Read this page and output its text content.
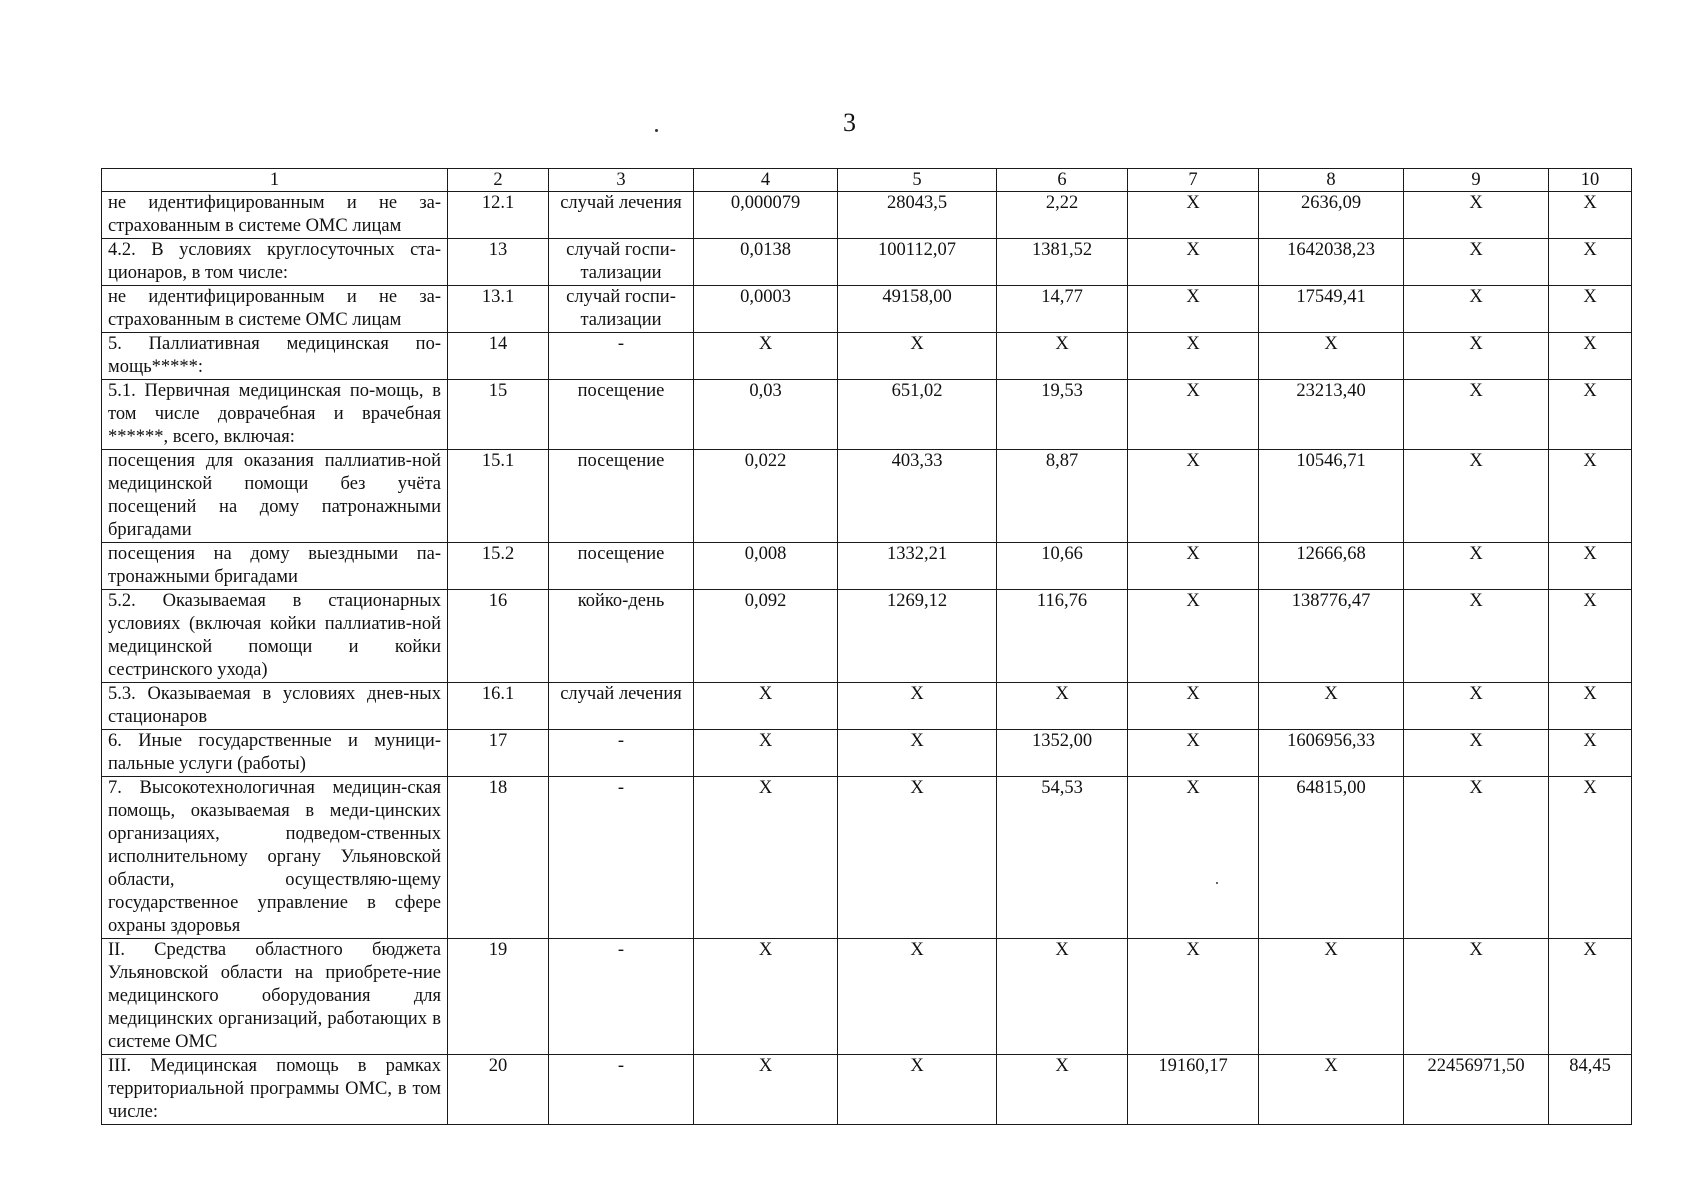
3
1	2	3	4	5	6	7	8	9	10
не идентифицированным и не за-страхованным в системе ОМС лицам	12.1	случай лечения	0,000079	28043,5	2,22	Х	2636,09	Х	Х
4.2. В условиях круглосуточных ста-ционаров, в том числе:	13	случай госпи-тализации	0,0138	100112,07	1381,52	Х	1642038,23	Х	Х
не идентифицированным и не за-страхованным в системе ОМС лицам	13.1	случай госпи-тализации	0,0003	49158,00	14,77	Х	17549,41	Х	Х
5. Паллиативная медицинская по-мощь*****:	14	-	Х	Х	Х	Х	Х	Х	Х
5.1. Первичная медицинская по-мощь, в том числе доврачебная и врачебная ******, всего, включая:	15	посещение	0,03	651,02	19,53	Х	23213,40	Х	Х
посещения для оказания паллиатив-ной медицинской помощи без учёта посещений на дому патронажными бригадами	15.1	посещение	0,022	403,33	8,87	Х	10546,71	Х	Х
посещения на дому выездными па-тронажными бригадами	15.2	посещение	0,008	1332,21	10,66	Х	12666,68	Х	Х
5.2. Оказываемая в стационарных условиях (включая койки паллиатив-ной медицинской помощи и койки сестринского ухода)	16	койко-день	0,092	1269,12	116,76	Х	138776,47	Х	Х
5.3. Оказываемая в условиях днев-ных стационаров	16.1	случай лечения	Х	Х	Х	Х	Х	Х	Х
6. Иные государственные и муници-пальные услуги (работы)	17	-	Х	Х	1352,00	Х	1606956,33	Х	Х
7. Высокотехнологичная медицин-ская помощь, оказываемая в меди-цинских организациях, подведом-ственных исполнительному органу Ульяновской области, осуществляю-щему государственное управление в сфере охраны здоровья	18	-	Х	Х	54,53	Х	64815,00	Х	Х
II. Средства областного бюджета Ульяновской области на приобрете-ние медицинского оборудования для медицинских организаций, работающих в системе ОМС	19	-	Х	Х	Х	Х	Х	Х	Х
III. Медицинская помощь в рамках территориальной программы ОМС, в том числе:	20	-	Х	Х	Х	19160,17	Х	22456971,50	84,45
